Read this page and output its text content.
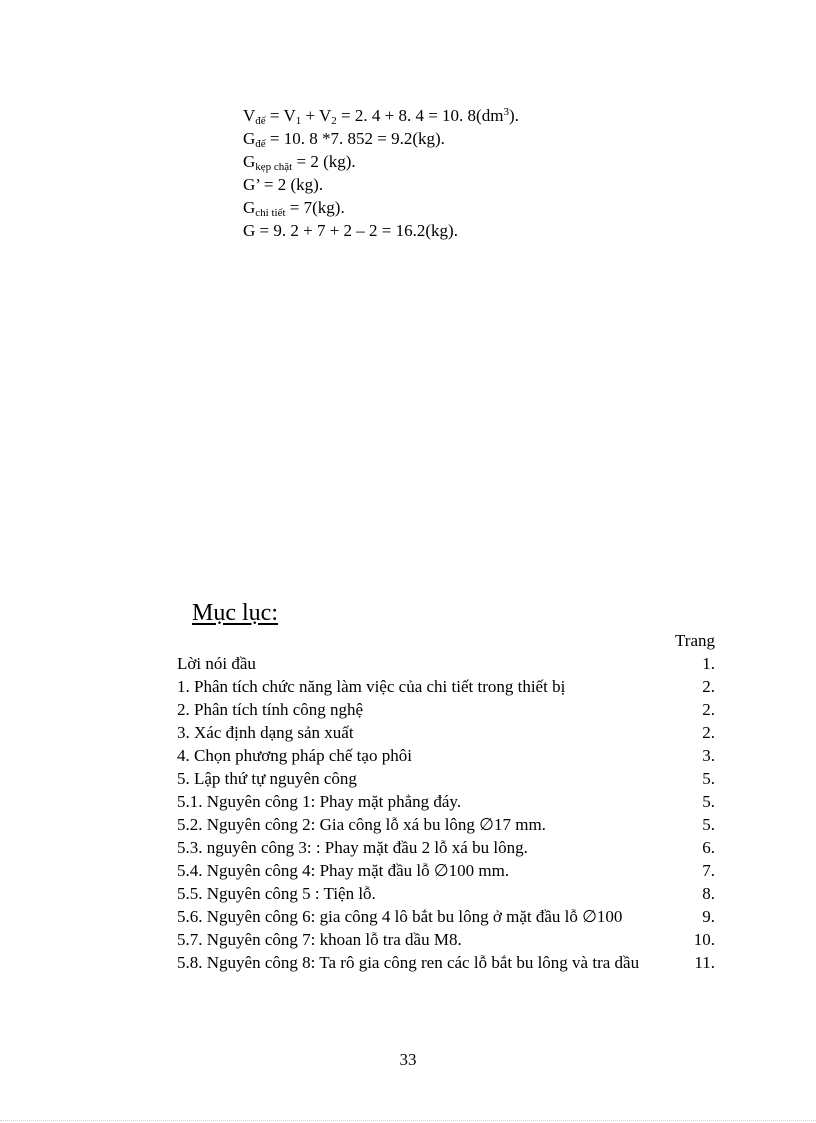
$V_{đế} = V_1 + V_2 = 2$. 4 + 8. 4 = 10. $8(dm^3)$.
$G_{đế} = 10$. 8 *7. 852 = 9.2(kg).
$G_{kẹp chặt} = 2$ (kg).
G’ = 2 (kg).
$G_{chi tiết} = 7(kg)$.
G = 9. 2 + 7 + 2 – 2 = 16.2(kg).
Mục lục:
Trang
Lời nói đầu	1.
1. Phân tích chức năng làm việc của chi tiết trong thiết bị	2.
2. Phân tích tính công nghệ	2.
3. Xác định dạng sản xuất	2.
4. Chọn phương pháp chế tạo phôi	3.
5. Lập thứ tự nguyên công	5.
5.1. Nguyên công 1: Phay mặt phẳng đáy.	5.
5.2. Nguyên công 2: Gia công lỗ xá bu lông ∅17 mm.	5.
5.3. nguyên công 3: : Phay mặt đầu 2 lỗ xá bu lông.	6.
5.4. Nguyên công 4: Phay mặt đầu lỗ ∅100 mm.	7.
5.5. Nguyên công 5 : Tiện lỗ.	8.
5.6. Nguyên công 6: gia công 4 lô bắt bu lông ở mặt đầu lỗ ∅100	9.
5.7. Nguyên công 7: khoan lỗ tra dầu M8.	10.
5.8. Nguyên công 8: Ta rô gia công ren các lỗ bắt bu lông và tra dầu	11.
33
